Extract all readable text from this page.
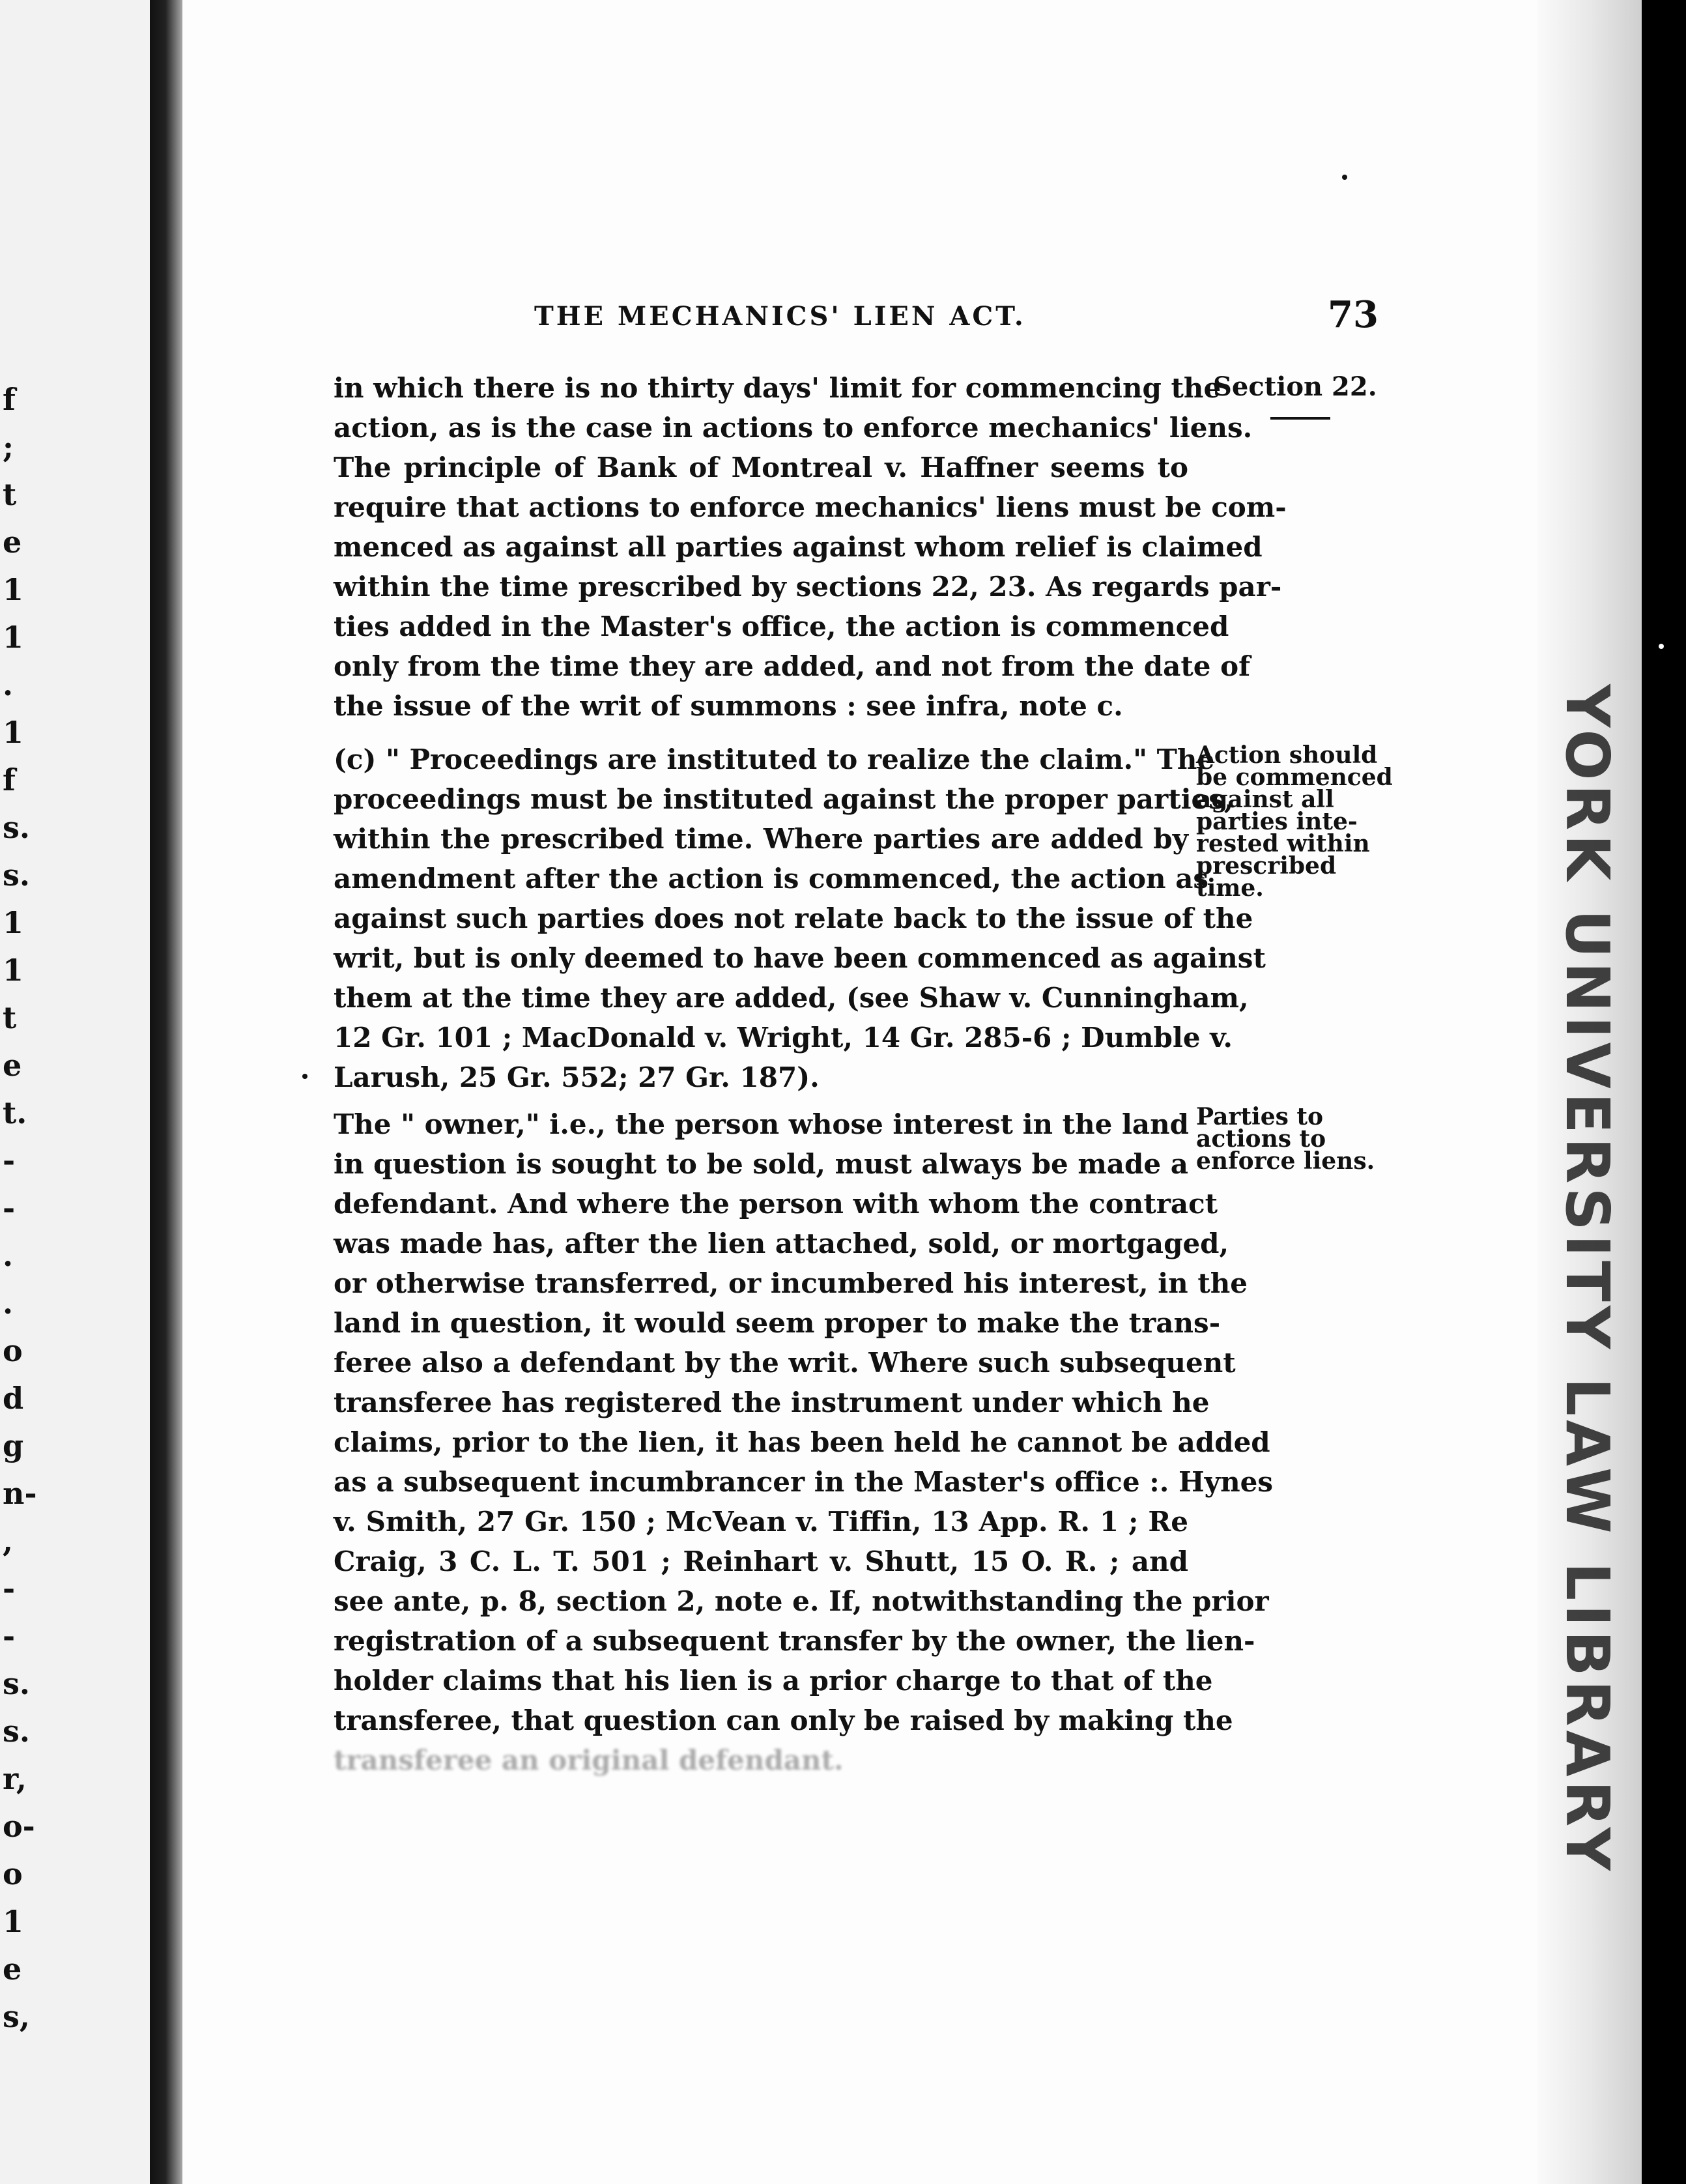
f
;
t
e
1
1
.
1
f
s.
s.
1
1
t
e
t.
-
-
.
.
o
d
g
n-
,
-
-
s.
s.
r,
o-
o
1
e
s,
THE MECHANICS' LIEN ACT.	73
in which there is no thirty days' limit for commencing the
action, as is the case in actions to enforce mechanics' liens.
The principle of Bank of Montreal v. Haffner seems to
require that actions to enforce mechanics' liens must be com-
menced as against all parties against whom relief is claimed
within the time prescribed by sections 22, 23. As regards par-
ties added in the Master's office, the action is commenced
only from the time they are added, and not from the date of
the issue of the writ of summons : see infra, note c.
(c) " Proceedings are instituted to realize the claim." The
proceedings must be instituted against the proper parties,
within the prescribed time. Where parties are added by
amendment after the action is commenced, the action as
against such parties does not relate back to the issue of the
writ, but is only deemed to have been commenced as against
them at the time they are added, (see Shaw v. Cunningham,
12 Gr. 101 ; MacDonald v. Wright, 14 Gr. 285-6 ; Dumble v.
Larush, 25 Gr. 552; 27 Gr. 187).
The " owner," i.e., the person whose interest in the land
in question is sought to be sold, must always be made a
defendant. And where the person with whom the contract
was made has, after the lien attached, sold, or mortgaged,
or otherwise transferred, or incumbered his interest, in the
land in question, it would seem proper to make the trans-
feree also a defendant by the writ. Where such subsequent
transferee has registered the instrument under which he
claims, prior to the lien, it has been held he cannot be added
as a subsequent incumbrancer in the Master's office :. Hynes
v. Smith, 27 Gr. 150 ; McVean v. Tiffin, 13 App. R. 1 ; Re
Craig, 3 C. L. T. 501 ; Reinhart v. Shutt, 15 O. R. ; and
see ante, p. 8, section 2, note e. If, notwithstanding the prior
registration of a subsequent transfer by the owner, the lien-
holder claims that his lien is a prior charge to that of the
transferee, that question can only be raised by making the
transferee an original defendant.
Section 22.
Action should
be commenced
against all
parties inte-
rested within
prescribed
time.
Parties to
actions to
enforce liens.	YORK UNIVERSITY LAW LIBRARY
